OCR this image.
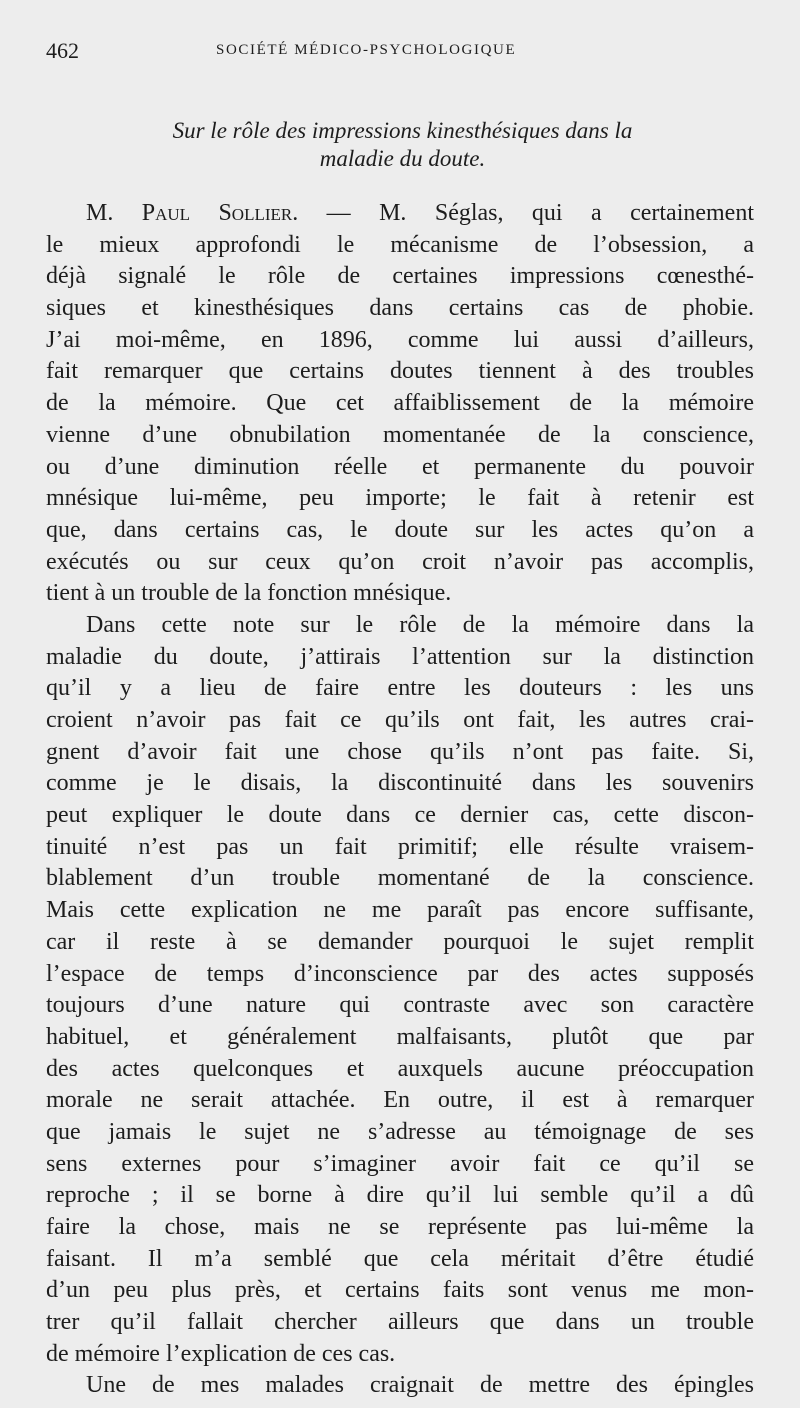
462	SOCIÉTÉ MÉDICO-PSYCHOLOGIQUE
Sur le rôle des impressions kinesthésiques dans la
maladie du doute.
M. Paul Sollier. — M. Séglas, qui a certainement
le mieux approfondi le mécanisme de l’obsession, a
déjà signalé le rôle de certaines impressions cœnesthé-
siques et kinesthésiques dans certains cas de phobie.
J’ai moi-même, en 1896, comme lui aussi d’ailleurs,
fait remarquer que certains doutes tiennent à des troubles
de la mémoire. Que cet affaiblissement de la mémoire
vienne d’une obnubilation momentanée de la conscience,
ou d’une diminution réelle et permanente du pouvoir
mnésique lui-même, peu importe; le fait à retenir est
que, dans certains cas, le doute sur les actes qu’on a
exécutés ou sur ceux qu’on croit n’avoir pas accomplis,
tient à un trouble de la fonction mnésique.
Dans cette note sur le rôle de la mémoire dans la
maladie du doute, j’attirais l’attention sur la distinction
qu’il y a lieu de faire entre les douteurs : les uns
croient n’avoir pas fait ce qu’ils ont fait, les autres crai-
gnent d’avoir fait une chose qu’ils n’ont pas faite. Si,
comme je le disais, la discontinuité dans les souvenirs
peut expliquer le doute dans ce dernier cas, cette discon-
tinuité n’est pas un fait primitif; elle résulte vraisem-
blablement d’un trouble momentané de la conscience.
Mais cette explication ne me paraît pas encore suffisante,
car il reste à se demander pourquoi le sujet remplit
l’espace de temps d’inconscience par des actes supposés
toujours d’une nature qui contraste avec son caractère
habituel, et généralement malfaisants, plutôt que par
des actes quelconques et auxquels aucune préoccupation
morale ne serait attachée. En outre, il est à remarquer
que jamais le sujet ne s’adresse au témoignage de ses
sens externes pour s’imaginer avoir fait ce qu’il se
reproche ; il se borne à dire qu’il lui semble qu’il a dû
faire la chose, mais ne se représente pas lui-même la
faisant. Il m’a semblé que cela méritait d’être étudié
d’un peu plus près, et certains faits sont venus me mon-
trer qu’il fallait chercher ailleurs que dans un trouble
de mémoire l’explication de ces cas.
Une de mes malades craignait de mettre des épingles
